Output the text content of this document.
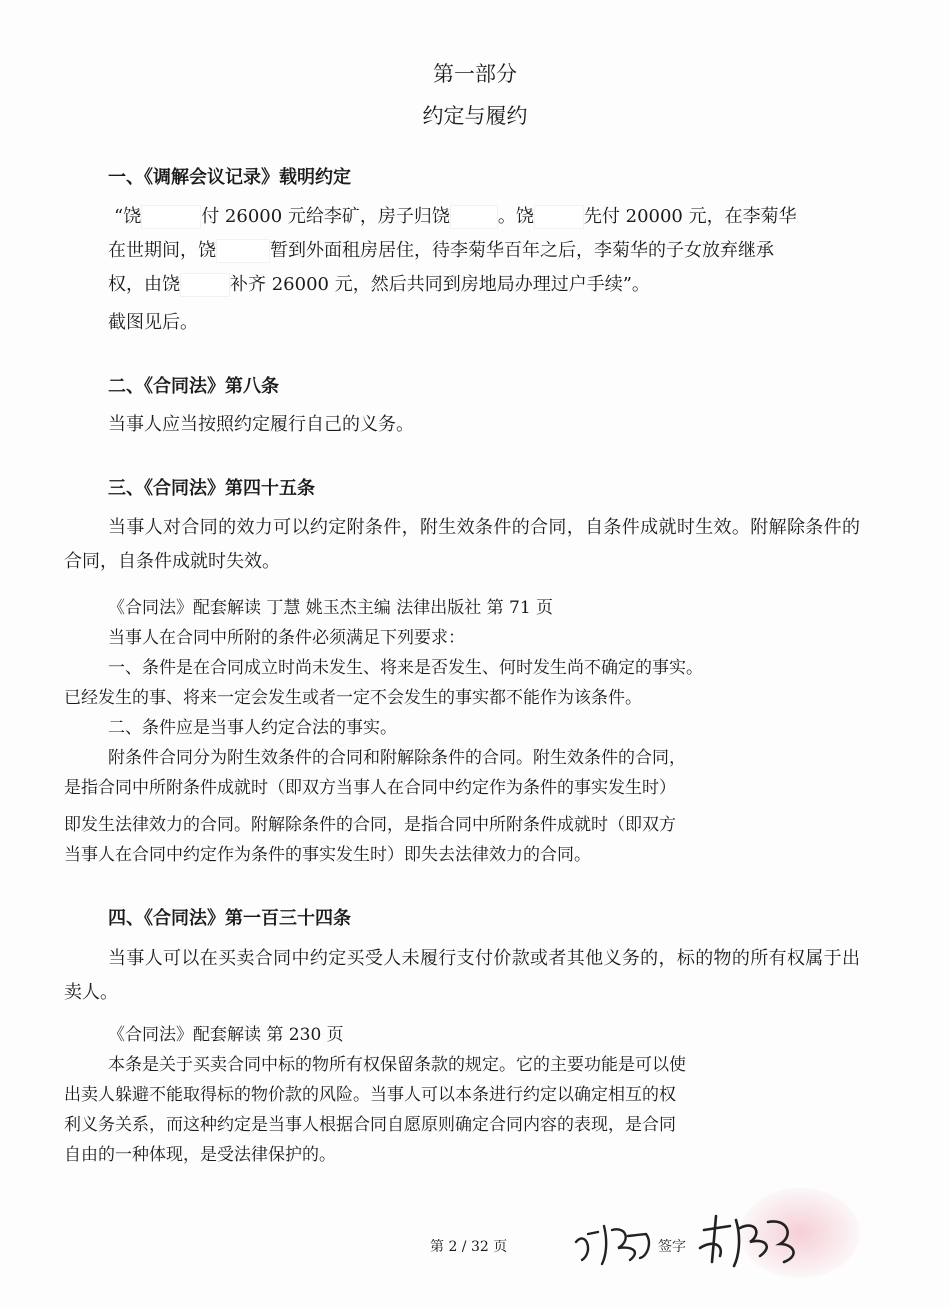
第一部分
约定与履约
一、《调解会议记录》载明约定
“饶	付 26000 元给李矿，房子归饶	。饶	先付 20000 元，在李菊华
在世期间，饶	暂到外面租房居住，待李菊华百年之后，李菊华的子女放弃继承
权，由饶	补齐 26000 元，然后共同到房地局办理过户手续”。
截图见后。
二、《合同法》第八条
当事人应当按照约定履行自己的义务。
三、《合同法》第四十五条
当事人对合同的效力可以约定附条件，附生效条件的合同，自条件成就时生效。附解除条件的合同，自条件成就时失效。
《合同法》配套解读 丁慧 姚玉杰主编 法律出版社 第 71 页
当事人在合同中所附的条件必须满足下列要求：
一、条件是在合同成立时尚未发生、将来是否发生、何时发生尚不确定的事实。
已经发生的事、将来一定会发生或者一定不会发生的事实都不能作为该条件。
二、条件应是当事人约定合法的事实。
附条件合同分为附生效条件的合同和附解除条件的合同。附生效条件的合同，
是指合同中所附条件成就时（即双方当事人在合同中约定作为条件的事实发生时）
即发生法律效力的合同。附解除条件的合同，是指合同中所附条件成就时（即双方
当事人在合同中约定作为条件的事实发生时）即失去法律效力的合同。
四、《合同法》第一百三十四条
当事人可以在买卖合同中约定买受人未履行支付价款或者其他义务的，标的物的所有权属于出卖人。
《合同法》配套解读 第 230 页
本条是关于买卖合同中标的物所有权保留条款的规定。它的主要功能是可以使
出卖人躲避不能取得标的物价款的风险。当事人可以本条进行约定以确定相互的权
利义务关系，而这种约定是当事人根据合同自愿原则确定合同内容的表现，是合同
自由的一种体现，是受法律保护的。
第 2 / 32 页	签字
